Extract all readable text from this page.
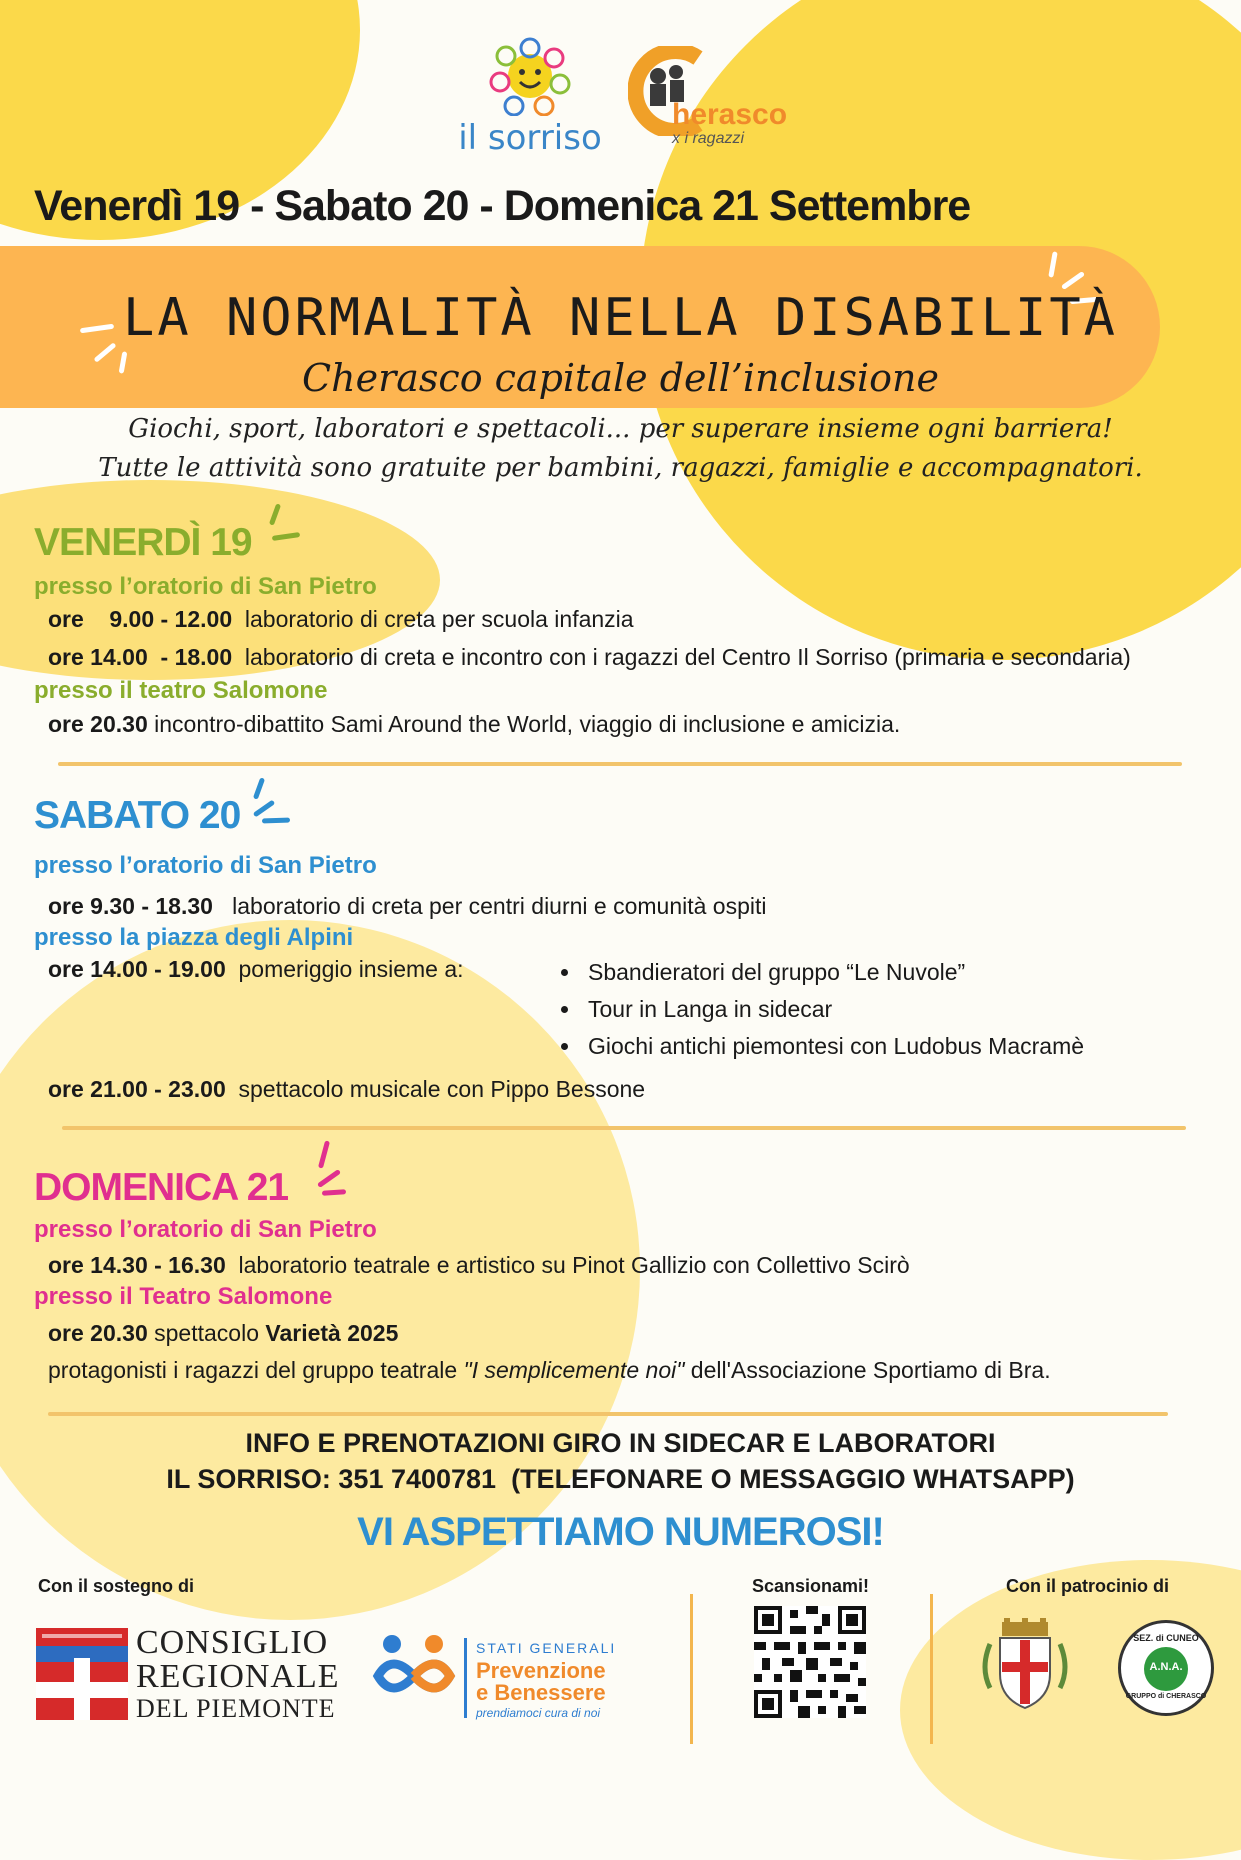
il sorriso
herasco
x i ragazzi
Venerdì 19 - Sabato 20 - Domenica 21 Settembre
LA NORMALITÀ NELLA DISABILITÀ
Cherasco capitale dell’inclusione
Giochi, sport, laboratori e spettacoli... per superare insieme ogni barriera!
Tutte le attività sono gratuite per bambini, ragazzi, famiglie e accompagnatori.
VENERDÌ 19
presso l’oratorio di San Pietro
ore    9.00 - 12.00 laboratorio di creta per scuola infanzia
ore 14.00  - 18.00 laboratorio di creta e incontro con i ragazzi del Centro Il Sorriso (primaria e secondaria)
presso il teatro Salomone
ore 20.30 incontro-dibattito Sami Around the World, viaggio di inclusione e amicizia.
SABATO 20
presso l’oratorio di San Pietro
ore 9.30 - 18.30 laboratorio di creta per centri diurni e comunità ospiti
presso la piazza degli Alpini
ore 14.00 - 19.00 pomeriggio insieme a:
•	Sbandieratori del gruppo “Le Nuvole”
• Tour in Langa in sidecar
• Giochi antichi piemontesi con Ludobus Macramè
ore 21.00 - 23.00 spettacolo musicale con Pippo Bessone
DOMENICA 21
presso l’oratorio di San Pietro
ore 14.30 - 16.30 laboratorio teatrale e artistico su Pinot Gallizio con Collettivo Scirò
presso il Teatro Salomone
ore 20.30 spettacolo Varietà 2025
protagonisti i ragazzi del gruppo teatrale "I semplicemente noi" dell'Associazione Sportiamo di Bra.
INFO E PRENOTAZIONI GIRO IN SIDECAR E LABORATORI
IL SORRISO: 351 7400781  (TELEFONARE O MESSAGGIO WHATSAPP)
VI ASPETTIAMO NUMEROSI!
Con il sostegno di	Scansionami!	Con il patrocinio di
CONSIGLIO
REGIONALE
DEL PIEMONTE
STATI GENERALI
Prevenzione
e Benessere
prendiamoci cura di noi
SEZ. di CUNEO
A.N.A.
GRUPPO di CHERASCO
